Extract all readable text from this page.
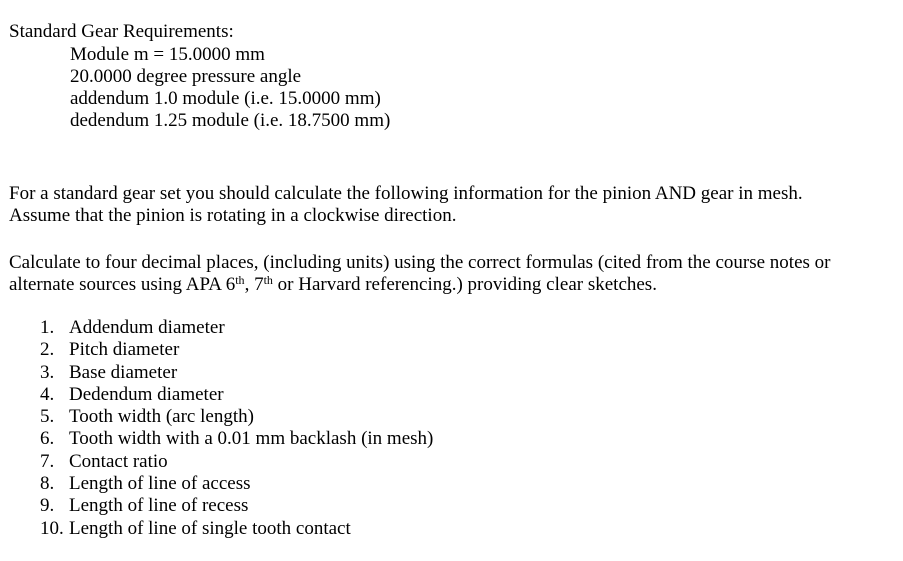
Standard Gear Requirements:
Module m = 15.0000 mm
20.0000 degree pressure angle
addendum 1.0 module (i.e. 15.0000 mm)
dedendum 1.25 module (i.e. 18.7500 mm)
For a standard gear set you should calculate the following information for the pinion AND gear in mesh.
Assume that the pinion is rotating in a clockwise direction.
Calculate to four decimal places, (including units) using the correct formulas (cited from the course notes or
alternate sources using APA 6th, 7th or Harvard referencing.) providing clear sketches.
1. Addendum diameter
2. Pitch diameter
3. Base diameter
4. Dedendum diameter
5. Tooth width (arc length)
6. Tooth width with a 0.01 mm backlash (in mesh)
7. Contact ratio
8. Length of line of access
9. Length of line of recess
10. Length of line of single tooth contact
